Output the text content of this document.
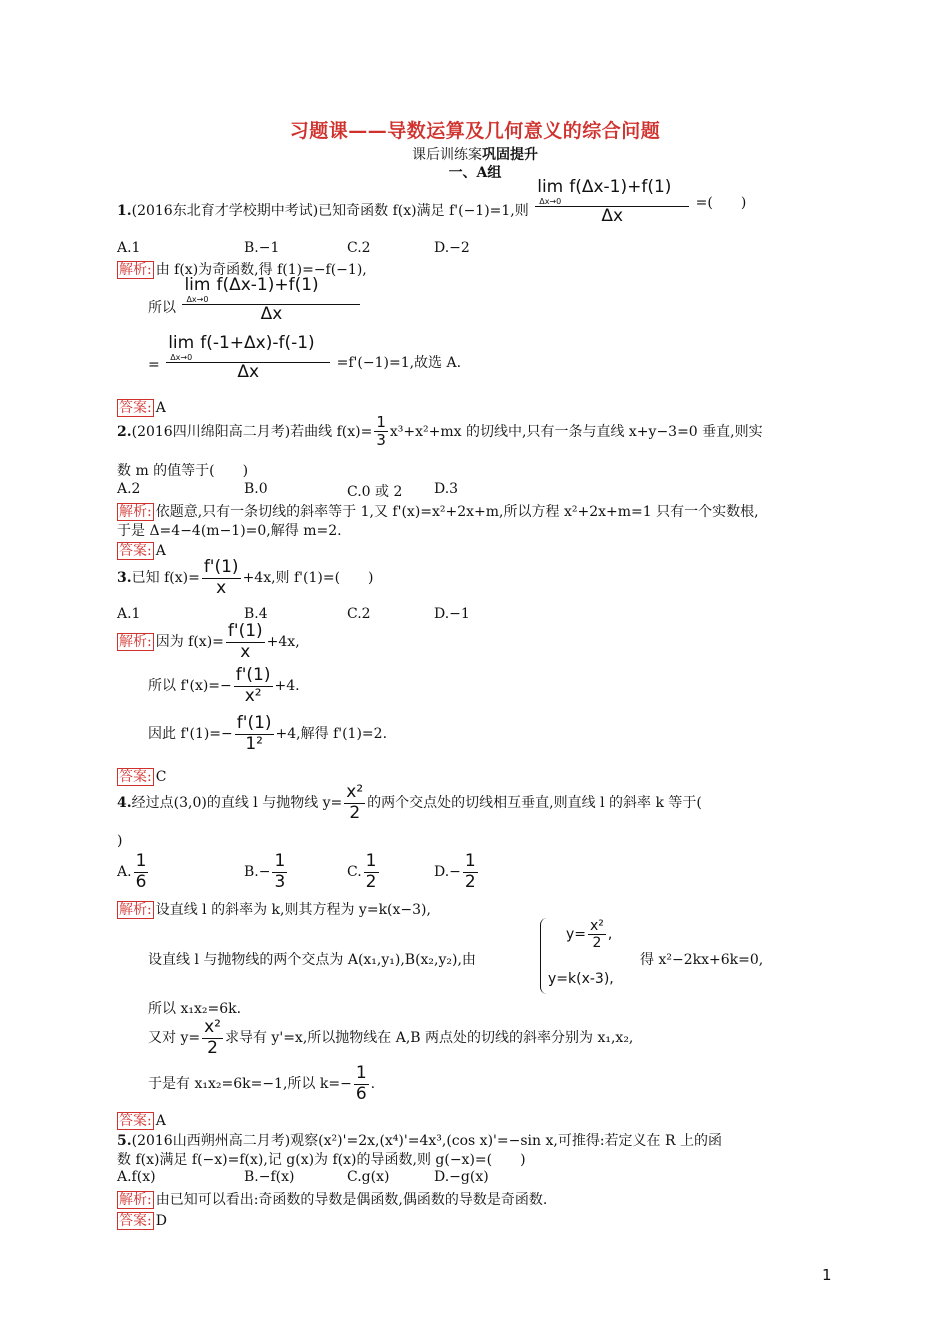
习题课——导数运算及几何意义的综合问题
课后训练案巩固提升
一、A组
1.(2016东北育才学校期中考试)已知奇函数 f(x)满足 f'(−1)=1,则 lim
Δx→0
f(Δx-1)+f(1)
Δx =(　　)
A.1	B.−1	C.2	D.−2
解析: 由 f(x)为奇函数,得 f(1)=−f(−1),
所以 lim
Δx→0
f(Δx-1)+f(1)
Δx
= lim
Δx→0
f(-1+Δx)-f(-1)
Δx =f'(−1)=1,故选 A.
答案: A
2.(2016四川绵阳高二月考)若曲线 $f(x)= \frac{1}{3} x^3+x^2+mx$ 的切线中,只有一条与直线 x+y−3=0 垂直,则实
数 m 的值等于(　　)
A.2	B.0	C.0 或 2 D.3
解析: 依题意,只有一条切线的斜率等于 1,又 f'(x)=x²+2x+m,所以方程 x²+2x+m=1 只有一个实数根,
于是 Δ=4−4(m−1)=0,解得 m=2.
答案: A
3.已知 $f(x)= \frac{f'(1)}{x} +4x$,则 f'(1)=(　　)
A.1	B.4	C.2	D.−1
解析: 因为 $f(x)= \frac{f'(1)}{x} +4x$,
所以 $f'(x)=- \frac{f'(1)}{\text{x²}} +4$.
因此 $f'(1)=- \frac{f'(1)}{\text{1²}} +4$,解得 f'(1)=2.
答案: C
4.经过点(3,0)的直线 l 与抛物线 $y= \frac{\text{x²}}{2}$ 的两个交点处的切线相互垂直,则直线 l 的斜率 k 等于(
)
A. $\frac{1}{6}$	$B.- \frac{1}{3}$	C. $\frac{1}{2}$	$D.- \frac{1}{2}$
解析: 设直线 l 的斜率为 k,则其方程为 y=k(x−3),
设直线 l 与抛物线的两个交点为 A(x₁,y₁),B(x₂,y₂),由
$y= \frac{\text{x²}}{2}$ ,
y=k(x-3),
得 x²−2kx+6k=0,
所以 x₁x₂=6k.
又对 $y= \frac{\text{x²}}{2}$ 求导有 y'=x,所以抛物线在 A,B 两点处的切线的斜率分别为 x₁,x₂,
于是有 x₁x₂=6k=−1,所以 $k=- \frac{1}{6}$ .
答案: A
5.(2016山西朔州高二月考)观察(x²)'=2x,(x⁴)'=4x³,(cos x)'=−sin x,可推得:若定义在 R 上的函
数 f(x)满足 f(−x)=f(x),记 g(x)为 f(x)的导函数,则 g(−x)=(　　)
A.f(x)	B.−f(x)	C.g(x)	D.−g(x)
解析: 由已知可以看出:奇函数的导数是偶函数,偶函数的导数是奇函数.
答案: D
1
